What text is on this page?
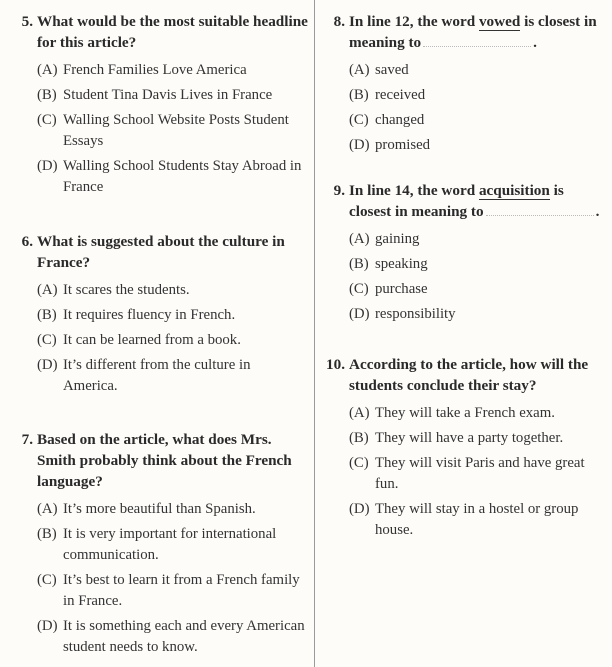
5. What would be the most suitable headline for this article?
(A) French Families Love America
(B) Student Tina Davis Lives in France
(C) Walling School Website Posts Student Essays
(D) Walling School Students Stay Abroad in France
6. What is suggested about the culture in France?
(A) It scares the students.
(B) It requires fluency in French.
(C) It can be learned from a book.
(D) It’s different from the culture in America.
7. Based on the article, what does Mrs. Smith probably think about the French language?
(A) It’s more beautiful than Spanish.
(B) It is very important for international communication.
(C) It’s best to learn it from a French family in France.
(D) It is something each and every American student needs to know.
8. In line 12, the word vowed is closest in meaning to	.
(A) saved
(B) received
(C) changed
(D) promised
9. In line 14, the word acquisition is closest in meaning to	.
(A) gaining
(B) speaking
(C) purchase
(D) responsibility
10. According to the article, how will the students conclude their stay?
(A) They will take a French exam.
(B) They will have a party together.
(C) They will visit Paris and have great fun.
(D) They will stay in a hostel or group house.
